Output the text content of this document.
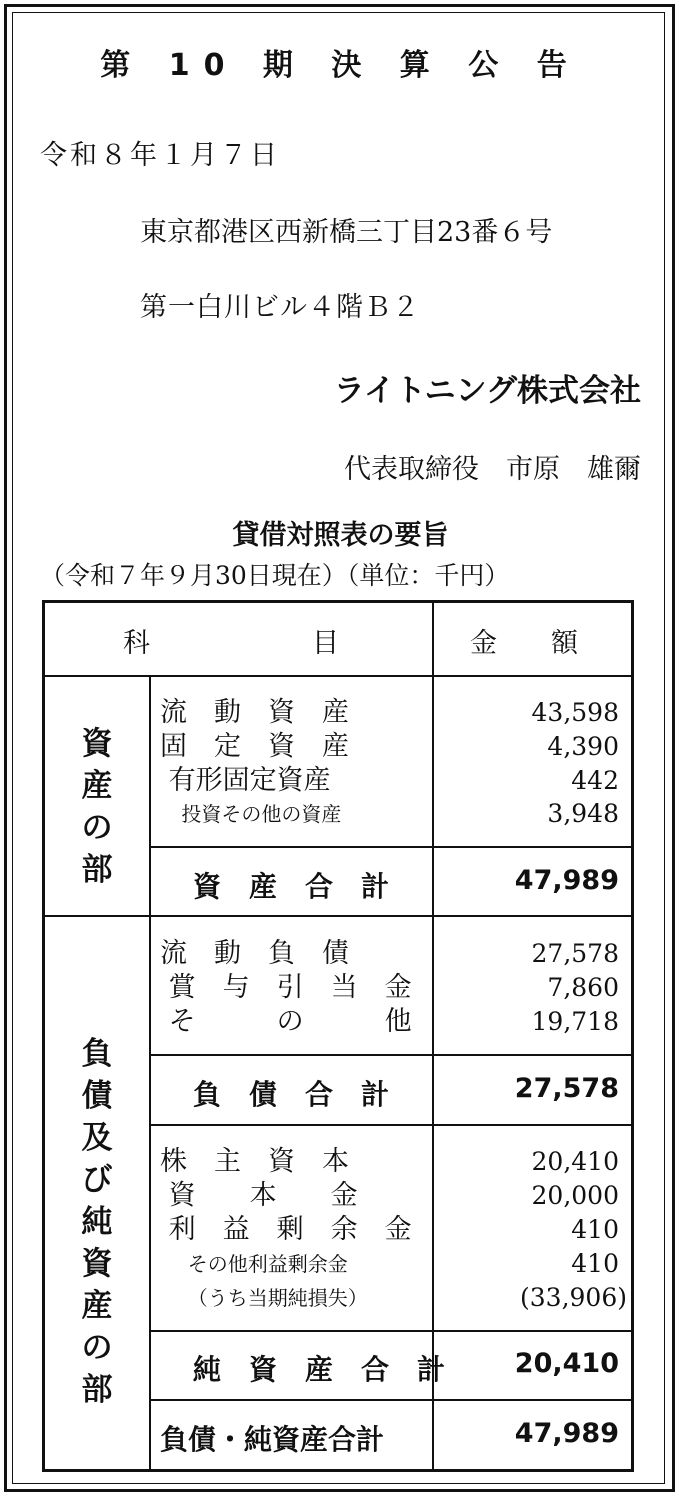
第 10 期 決 算 公 告
令和８年１月７日
東京都港区西新橋三丁目23番６号
第一白川ビル４階Ｂ２
ライトニング株式会社
代表取締役　市原　雄爾
貸借対照表の要旨
（令和７年９月30日現在）（単位：千円）
科　　　　　　目	金　　額
資
産
の
部
流　動　資　産	43,598
固　定　資　産	4,390
有形固定資産	442
投資その他の資産	3,948
資　産　合　計	47,989
負
債
及
び
純
資
産
の
部
流　動　負　債	27,578
賞　与　引　当　金	7,860
そ　　　の　　　他	19,718
負　債　合　計	27,578
株　主　資　本	20,410
資　　本　　金	20,000
利　益　剰　余　金	410
その他利益剰余金	410
（うち当期純損失）	(33,906)
純　資　産　合　計	20,410
負債・純資産合計	47,989
